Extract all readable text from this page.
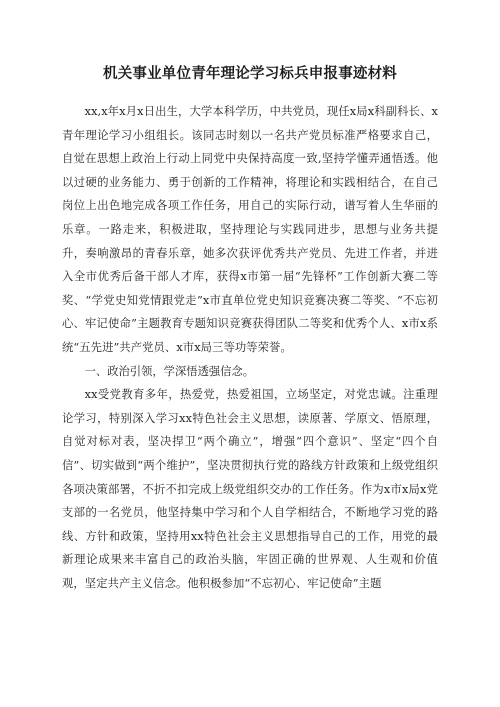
机关事业单位青年理论学习标兵申报事迹材料

xx,x年x月x日出生，大学本科学历，中共党员，现任x局x科副科长、x青年理论学习小组组长。该同志时刻以一名共产党员标准严格要求自己，自觉在思想上政治上行动上同党中央保持高度一致,坚持学懂弄通悟透。他以过硬的业务能力、勇于创新的工作精神，将理论和实践相结合，在自己岗位上出色地完成各项工作任务，用自己的实际行动，谱写着人生华丽的乐章。一路走来，积极进取，坚持理论与实践同进步，思想与业务共提升，奏响激昂的青春乐章，她多次获评优秀共产党员、先进工作者，并进入全市优秀后备干部人才库，获得x市第一届“先锋杯”工作创新大赛二等奖、“学党史知党情跟党走”x市直单位党史知识竞赛决赛二等奖、“不忘初心、牢记使命”主题教育专题知识竞赛获得团队二等奖和优秀个人、x市x系统“五先进”共产党员、x市x局三等功等荣誉。

一、政治引领，学深悟透强信念。

xx受党教育多年，热爱党，热爱祖国，立场坚定，对党忠诚。注重理论学习，特别深入学习xx特色社会主义思想，读原著、学原文、悟原理，自觉对标对表，坚决捍卫“两个确立”，增强“四个意识”、坚定“四个自信”、切实做到“两个维护”，坚决贯彻执行党的路线方针政策和上级党组织各项决策部署，不折不扣完成上级党组织交办的工作任务。作为x市x局x党支部的一名党员，他坚持集中学习和个人自学相结合，不断地学习党的路线、方针和政策，坚持用xx特色社会主义思想指导自己的工作，用党的最新理论成果来丰富自己的政治头脑，牢固正确的世界观、人生观和价值观，坚定共产主义信念。他积极参加“不忘初心、牢记使命”主题
